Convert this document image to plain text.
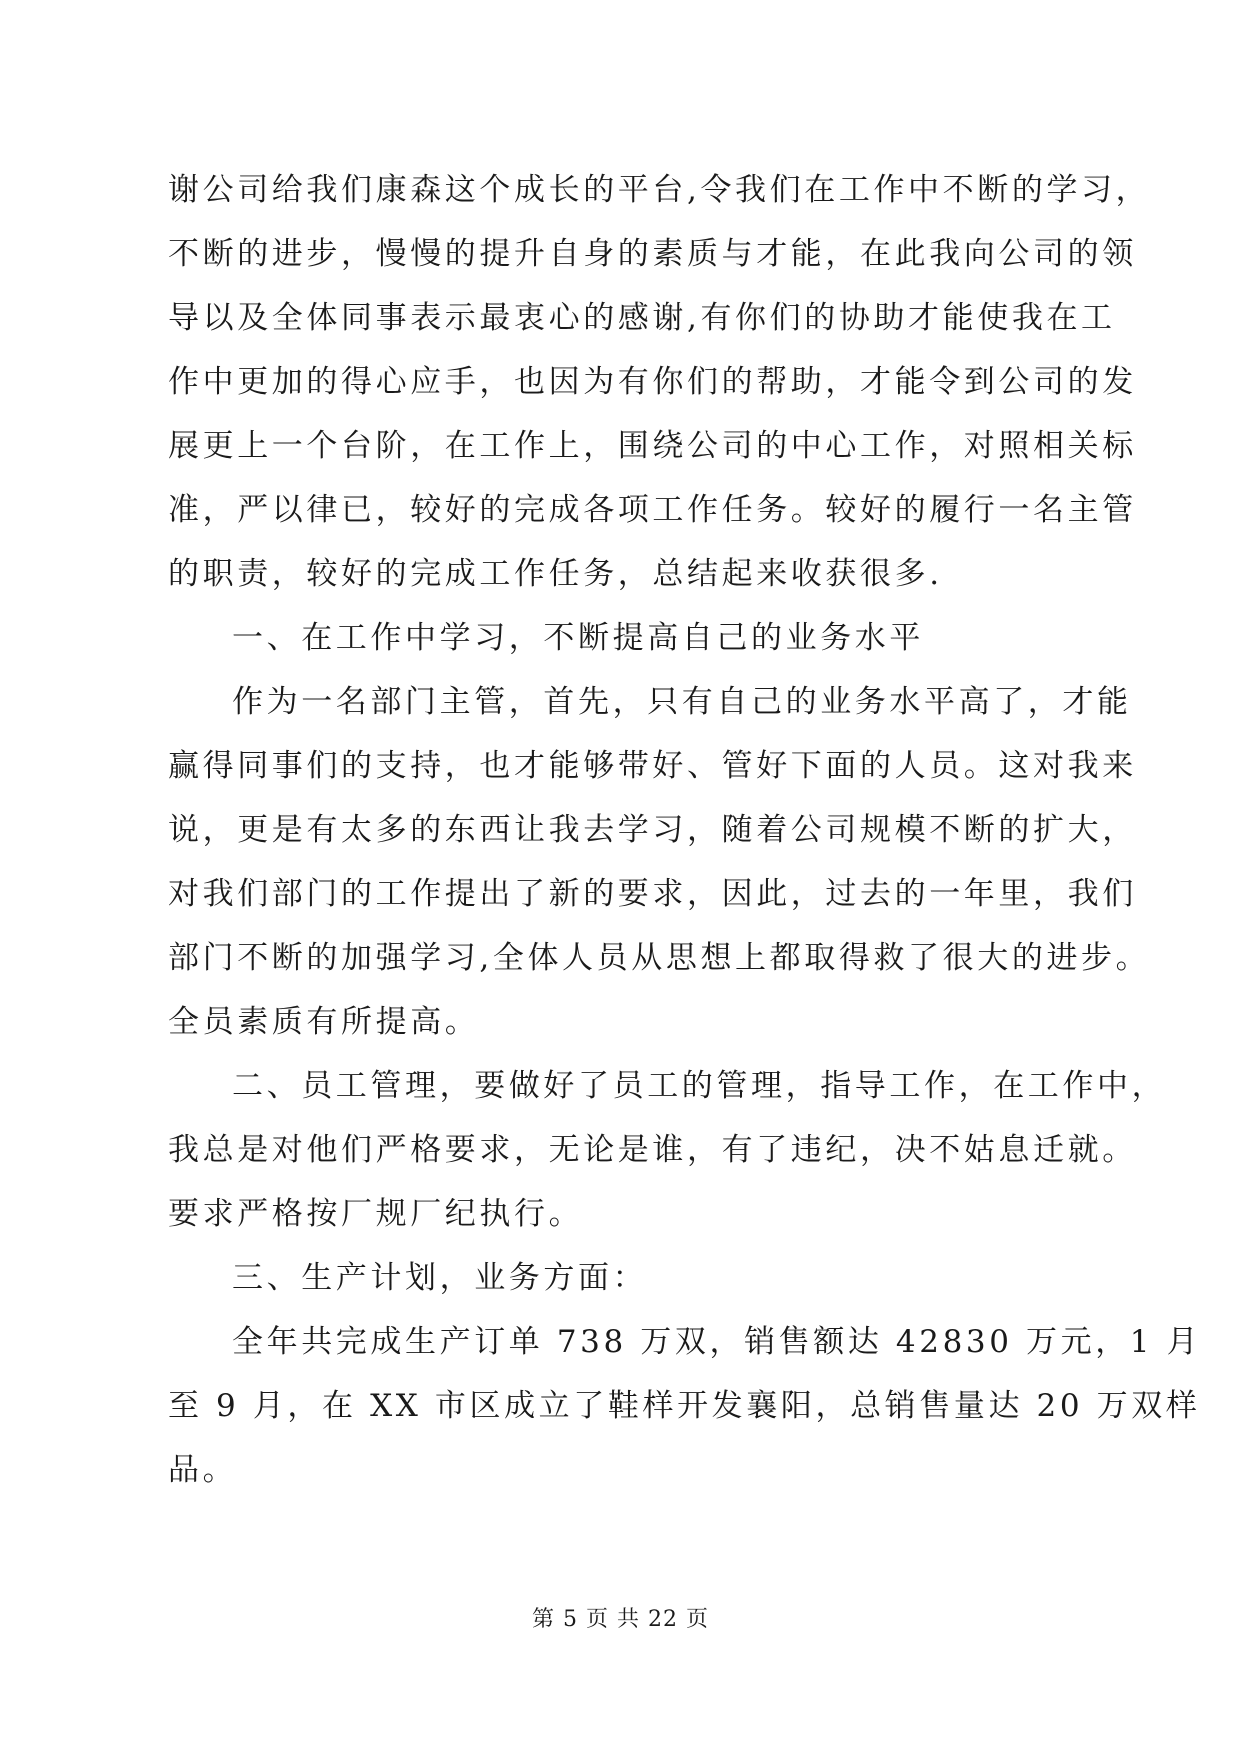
谢公司给我们康森这个成长的平台,令我们在工作中不断的学习，
不断的进步，慢慢的提升自身的素质与才能，在此我向公司的领
导以及全体同事表示最衷心的感谢,有你们的协助才能使我在工
作中更加的得心应手，也因为有你们的帮助，才能令到公司的发
展更上一个台阶，在工作上，围绕公司的中心工作，对照相关标
准，严以律已，较好的完成各项工作任务。较好的履行一名主管
的职责，较好的完成工作任务，总结起来收获很多.
一、在工作中学习，不断提高自己的业务水平
作为一名部门主管，首先，只有自己的业务水平高了，才能
赢得同事们的支持，也才能够带好、管好下面的人员。这对我来
说，更是有太多的东西让我去学习，随着公司规模不断的扩大，
对我们部门的工作提出了新的要求，因此，过去的一年里，我们
部门不断的加强学习,全体人员从思想上都取得救了很大的进步。
全员素质有所提高。
二、员工管理，要做好了员工的管理，指导工作，在工作中，
我总是对他们严格要求，无论是谁，有了违纪，决不姑息迁就。
要求严格按厂规厂纪执行。
三、生产计划，业务方面：
全年共完成生产订单 738 万双，销售额达 42830 万元，1 月
至 9 月，在 XX 市区成立了鞋样开发襄阳，总销售量达 20 万双样
品。
第 5 页 共 22 页
